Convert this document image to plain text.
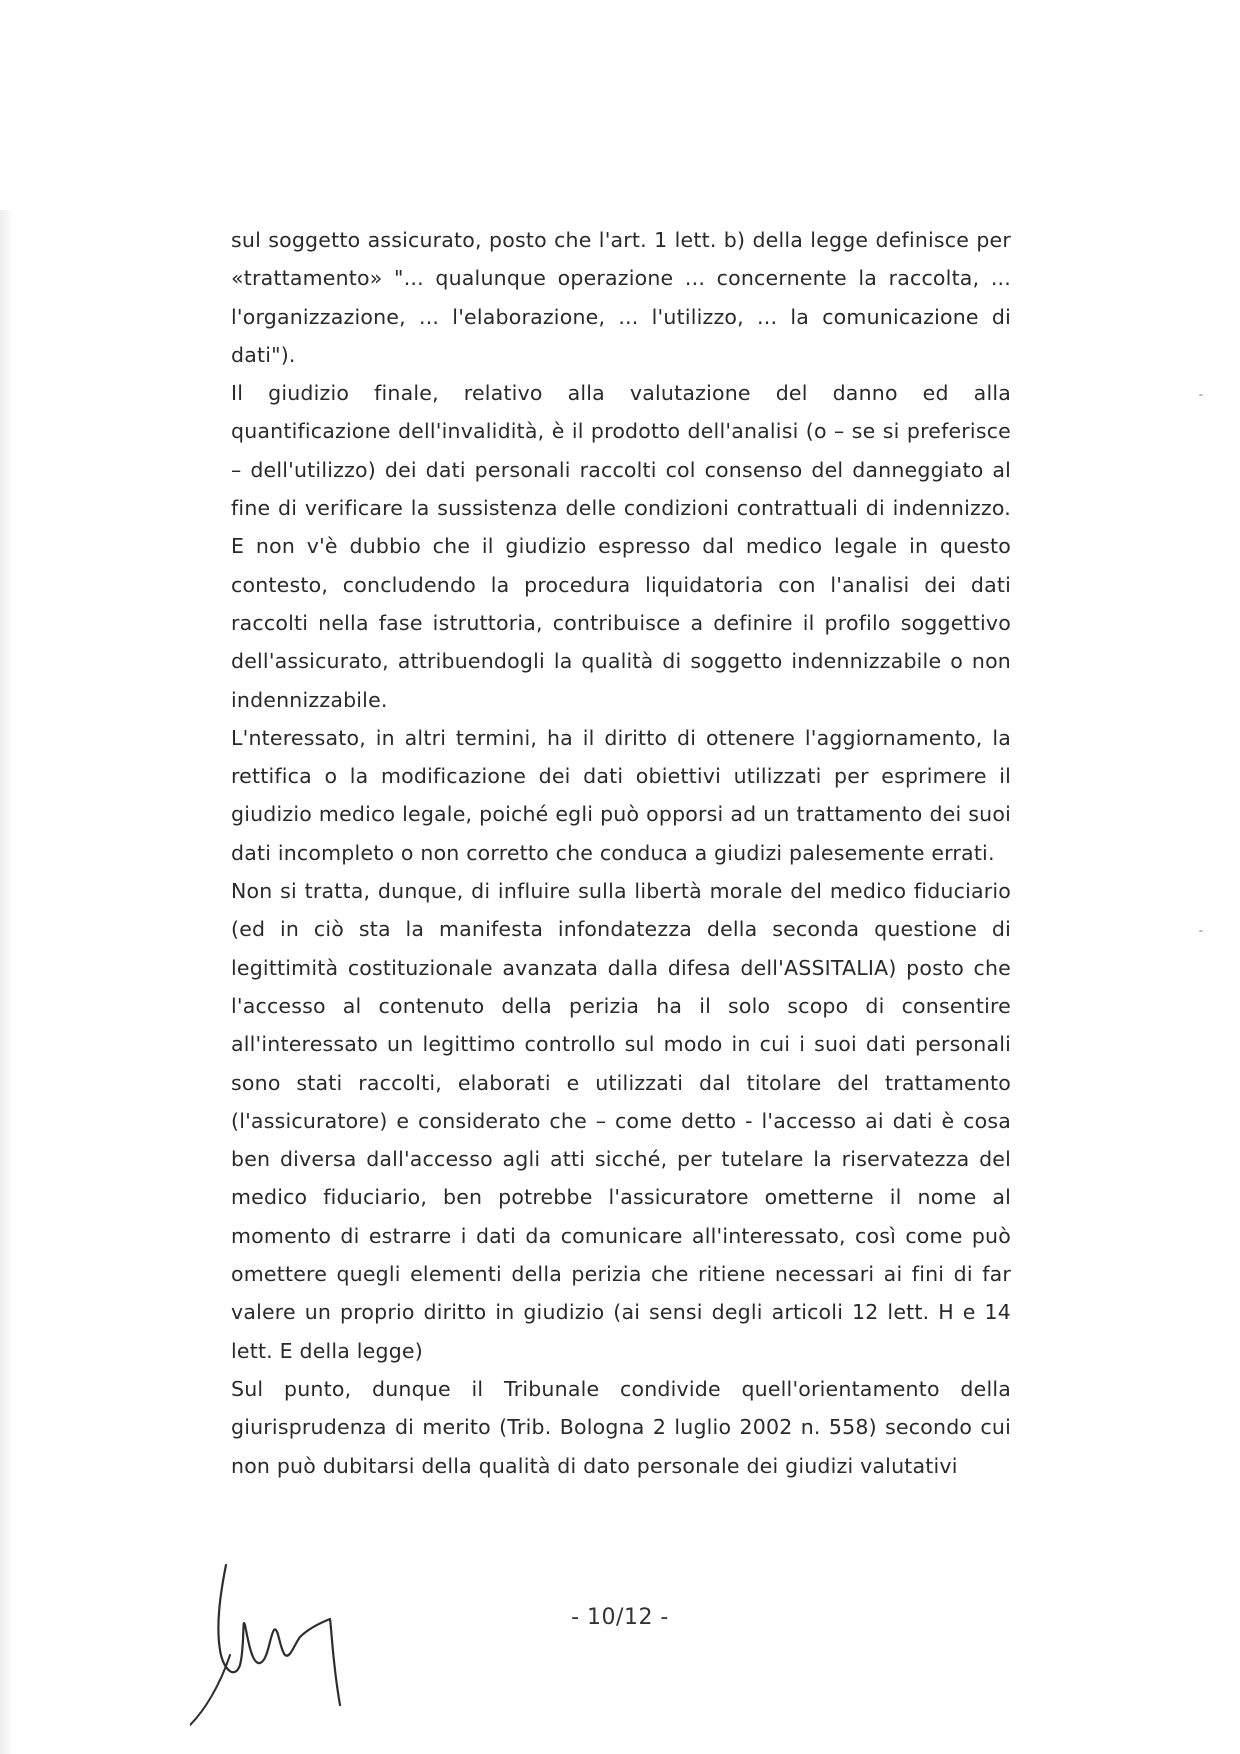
sul soggetto assicurato, posto che l'art. 1 lett. b) della legge definisce per «trattamento» "... qualunque operazione ... concernente la raccolta, ... l'organizzazione, ... l'elaborazione, ... l'utilizzo, ... la comunicazione di dati").

Il giudizio finale, relativo alla valutazione del danno ed alla quantificazione dell'invalidità, è il prodotto dell'analisi (o – se si preferisce – dell'utilizzo) dei dati personali raccolti col consenso del danneggiato al fine di verificare la sussistenza delle condizioni contrattuali di indennizzo. E non v'è dubbio che il giudizio espresso dal medico legale in questo contesto, concludendo la procedura liquidatoria con l'analisi dei dati raccolti nella fase istruttoria, contribuisce a definire il profilo soggettivo dell'assicurato, attribuendogli la qualità di soggetto indennizzabile o non indennizzabile.

L'nteressato, in altri termini, ha il diritto di ottenere l'aggiornamento, la rettifica o la modificazione dei dati obiettivi utilizzati per esprimere il giudizio medico legale, poiché egli può opporsi ad un trattamento dei suoi dati incompleto o non corretto che conduca a giudizi palesemente errati.

Non si tratta, dunque, di influire sulla libertà morale del medico fiduciario (ed in ciò sta la manifesta infondatezza della seconda questione di legittimità costituzionale avanzata dalla difesa dell'ASSITALIA) posto che l'accesso al contenuto della perizia ha il solo scopo di consentire all'interessato un legittimo controllo sul modo in cui i suoi dati personali sono stati raccolti, elaborati e utilizzati dal titolare del trattamento (l'assicuratore) e considerato che – come detto - l'accesso ai dati è cosa ben diversa dall'accesso agli atti sicché, per tutelare la riservatezza del medico fiduciario, ben potrebbe l'assicuratore ometterne il nome al momento di estrarre i dati da comunicare all'interessato, così come può omettere quegli elementi della perizia che ritiene necessari ai fini di far valere un proprio diritto in giudizio (ai sensi degli articoli 12 lett. H e 14 lett. E della legge)

Sul punto, dunque il Tribunale condivide quell'orientamento della giurisprudenza di merito (Trib. Bologna 2 luglio 2002 n. 558) secondo cui non può dubitarsi della qualità di dato personale dei giudizi valutativi

- 10/12 -
